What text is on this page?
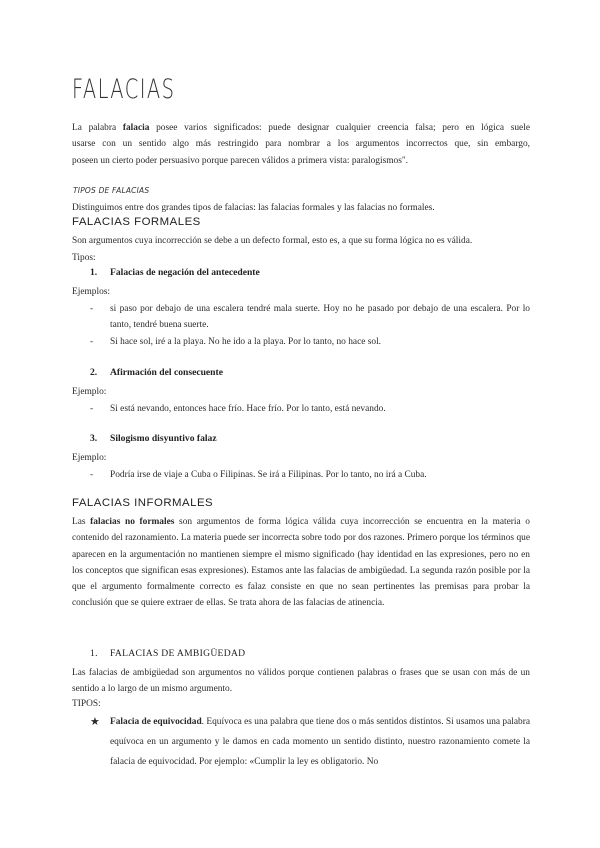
FALACIAS

La palabra falacia posee varios significados: puede designar cualquier creencia falsa; pero en lógica suele
usarse con un sentido algo más restringido para nombrar a los argumentos incorrectos que, sin embargo,
poseen un cierto poder persuasivo porque parecen válidos a primera vista: paralogismos".

TIPOS DE FALACIAS

Distinguimos entre dos grandes tipos de falacias: las falacias formales y las falacias no formales.

FALACIAS FORMALES

Son argumentos cuya incorrección se debe a un defecto formal, esto es, a que su forma lógica no es válida.

Tipos:

1. Falacias de negación del antecedente

Ejemplos:

- si paso por debajo de una escalera tendré mala suerte. Hoy no he pasado por debajo de una escalera. Por lo tanto, tendré buena suerte.
- Si hace sol, iré a la playa. No he ido a la playa. Por lo tanto, no hace sol.
2. Afirmación del consecuente

Ejemplo:

- Si está nevando, entonces hace frío. Hace frío. Por lo tanto, está nevando.
3. Silogismo disyuntivo falaz

Ejemplo:

- Podría irse de viaje a Cuba o Filipinas. Se irá a Filipinas. Por lo tanto, no irá a Cuba.
FALACIAS INFORMALES

Las falacias no formales son argumentos de forma lógica válida cuya incorrección se encuentra en la materia o contenido del razonamiento. La materia puede ser incorrecta sobre todo por dos razones. Primero porque los términos que aparecen en la argumentación no mantienen siempre el mismo significado (hay identidad en las expresiones, pero no en los conceptos que significan esas expresiones). Estamos ante las falacias de ambigüedad. La segunda razón posible por la que el argumento formalmente correcto es falaz consiste en que no sean pertinentes las premisas para probar la conclusión que se quiere extraer de ellas. Se trata ahora de las falacias de atinencia.

1. FALACIAS DE AMBIGÜEDAD

Las falacias de ambigüedad son argumentos no válidos porque contienen palabras o frases que se usan con más de un sentido a lo largo de un mismo argumento.

TIPOS:

★ Falacia de equivocidad. Equívoca es una palabra que tiene dos o más sentidos distintos. Si usamos una palabra equívoca en un argumento y le damos en cada momento un sentido distinto, nuestro razonamiento comete la falacia de equivocidad. Por ejemplo: «Cumplir la ley es obligatorio. No
